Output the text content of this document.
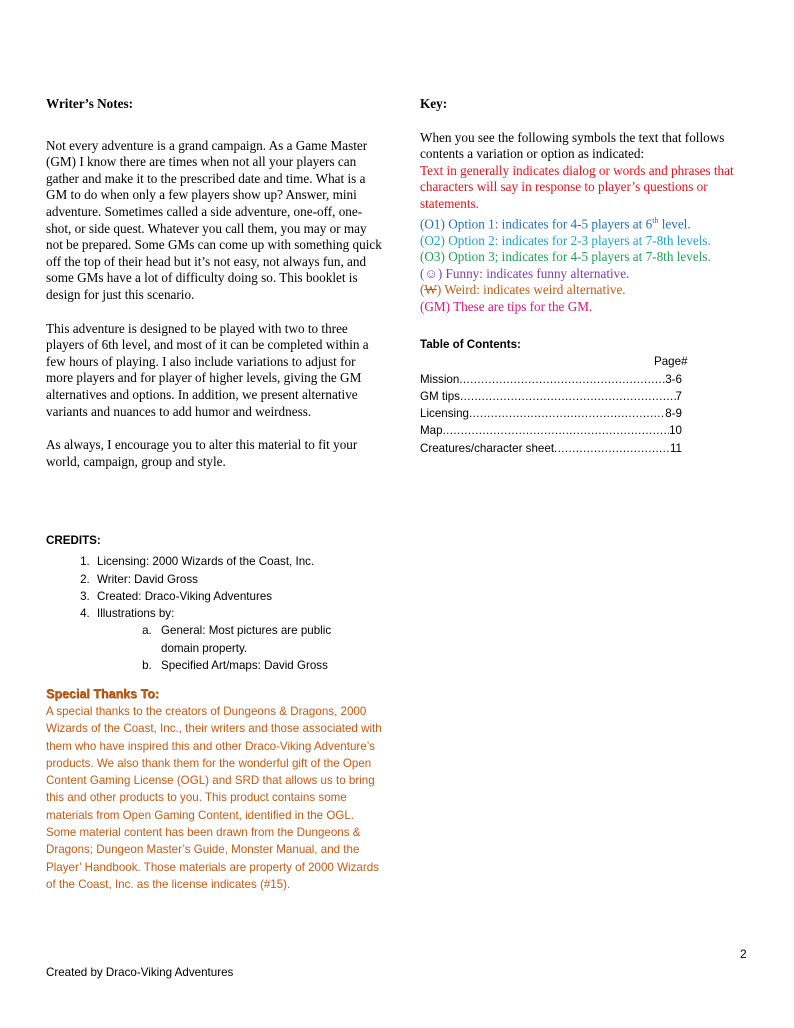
Writer’s Notes:

Not every adventure is a grand campaign. As a Game Master (GM) I know there are times when not all your players can gather and make it to the prescribed date and time. What is a GM to do when only a few players show up? Answer, mini adventure. Sometimes called a side adventure, one-off, one-shot, or side quest. Whatever you call them, you may or may not be prepared. Some GMs can come up with something quick off the top of their head but it’s not easy, not always fun, and some GMs have a lot of difficulty doing so. This booklet is design for just this scenario.

This adventure is designed to be played with two to three players of 6th level, and most of it can be completed within a few hours of playing. I also include variations to adjust for more players and for player of higher levels, giving the GM alternatives and options. In addition, we present alternative variants and nuances to add humor and weirdness.

As always, I encourage you to alter this material to fit your world, campaign, group and style.

CREDITS:

1. Licensing: 2000 Wizards of the Coast, Inc.
2. Writer: David Gross
3. Created: Draco-Viking Adventures
4. Illustrations by:
a. General: Most pictures are public domain property.
b. Specified Art/maps: David Gross

Special Thanks To:

A special thanks to the creators of Dungeons & Dragons, 2000 Wizards of the Coast, Inc., their writers and those associated with them who have inspired this and other Draco-Viking Adventure’s products. We also thank them for the wonderful gift of the Open Content Gaming License (OGL) and SRD that allows us to bring this and other products to you. This product contains some materials from Open Gaming Content, identified in the OGL. Some material content has been drawn from the Dungeons & Dragons; Dungeon Master’s Guide, Monster Manual, and the Player’ Handbook. Those materials are property of 2000 Wizards of the Coast, Inc. as the license indicates (#15).

Key:

When you see the following symbols the text that follows contents a variation or option as indicated:

Text in generally indicates dialog or words and phrases that characters will say in response to player’s questions or statements.

(O1) Option 1: indicates for 4-5 players at 6th level.

(O2) Option 2: indicates for 2-3 players at 7-8th levels.

(O3) Option 3; indicates for 4-5 players at 7-8th levels.

(☺) Funny: indicates funny alternative.

(W) Weird: indicates weird alternative.

(GM) These are tips for the GM.

Table of Contents:

Page#

Mission .....	3-6
GM tips .....	7
Licensing .....	8-9
Map .....	10
Creatures/character sheet .....	11

2

Created by Draco-Viking Adventures
